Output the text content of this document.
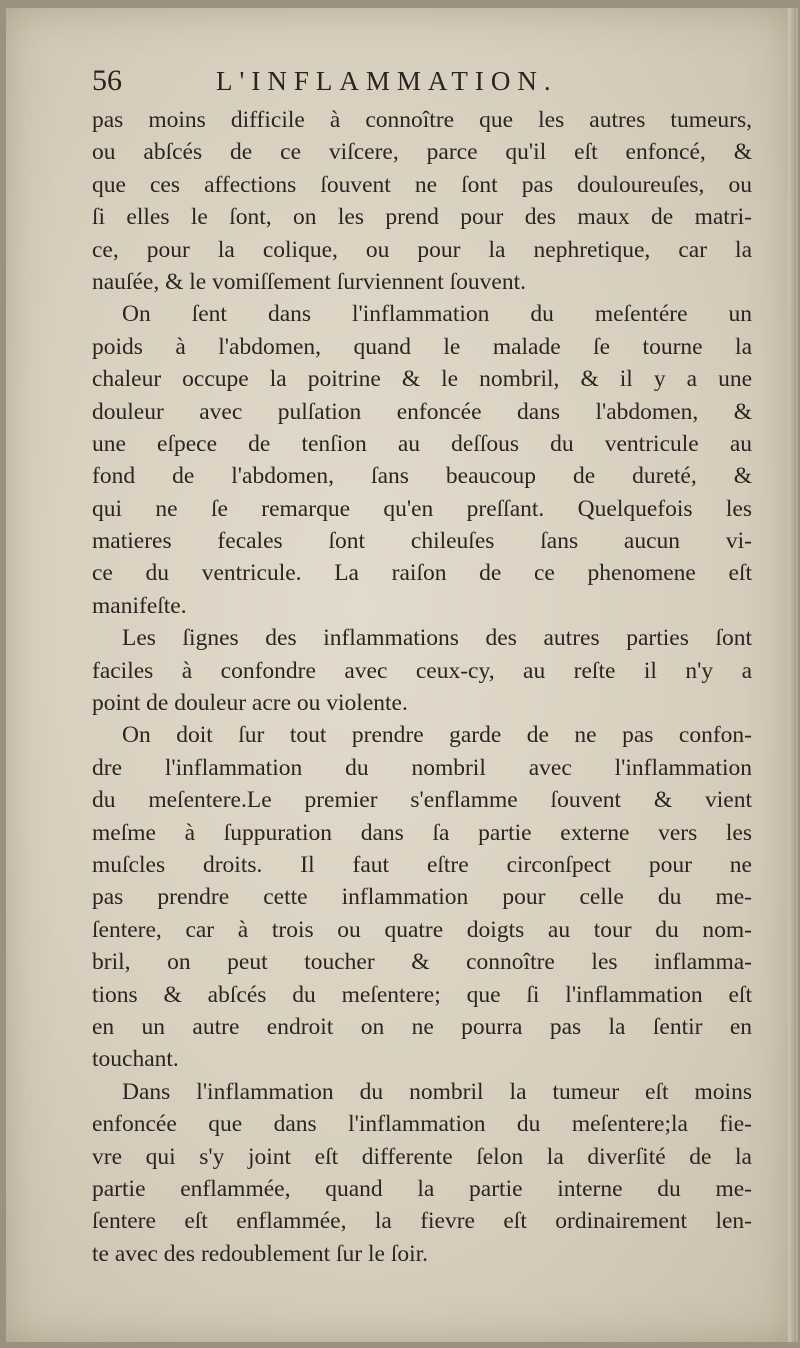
56	L'INFLAMMATION.
pas moins difficile à connoître que les autres tumeurs,
ou abſcés de ce viſcere, parce qu'il eſt enfoncé, &
que ces affections ſouvent ne ſont pas douloureuſes, ou
ſi elles le ſont, on les prend pour des maux de matri-
ce, pour la colique, ou pour la nephretique, car la
nauſée, & le vomiſſement ſurviennent ſouvent.
On ſent dans l'inflammation du meſentére un
poids à l'abdomen, quand le malade ſe tourne la
chaleur occupe la poitrine & le nombril, & il y a une
douleur avec pulſation enfoncée dans l'abdomen, &
une eſpece de tenſion au deſſous du ventricule au
fond de l'abdomen, ſans beaucoup de dureté, &
qui ne ſe remarque qu'en preſſant. Quelquefois les
matieres fecales ſont chileuſes ſans aucun vi-
ce du ventricule. La raiſon de ce phenomene eſt
manifeſte.
Les ſignes des inflammations des autres parties ſont
faciles à confondre avec ceux-cy, au reſte il n'y a
point de douleur acre ou violente.
On doit ſur tout prendre garde de ne pas confon-
dre l'inflammation du nombril avec l'inflammation
du meſentere.Le premier s'enflamme ſouvent & vient
meſme à ſuppuration dans ſa partie externe vers les
muſcles droits. Il faut eſtre circonſpect pour ne
pas prendre cette inflammation pour celle du me-
ſentere, car à trois ou quatre doigts au tour du nom-
bril, on peut toucher & connoître les inflamma-
tions & abſcés du meſentere; que ſi l'inflammation eſt
en un autre endroit on ne pourra pas la ſentir en
touchant.
Dans l'inflammation du nombril la tumeur eſt moins
enfoncée que dans l'inflammation du meſentere;la fie-
vre qui s'y joint eſt differente ſelon la diverſité de la
partie enflammée, quand la partie interne du me-
ſentere eſt enflammée, la fievre eſt ordinairement len-
te avec des redoublement ſur le ſoir.
